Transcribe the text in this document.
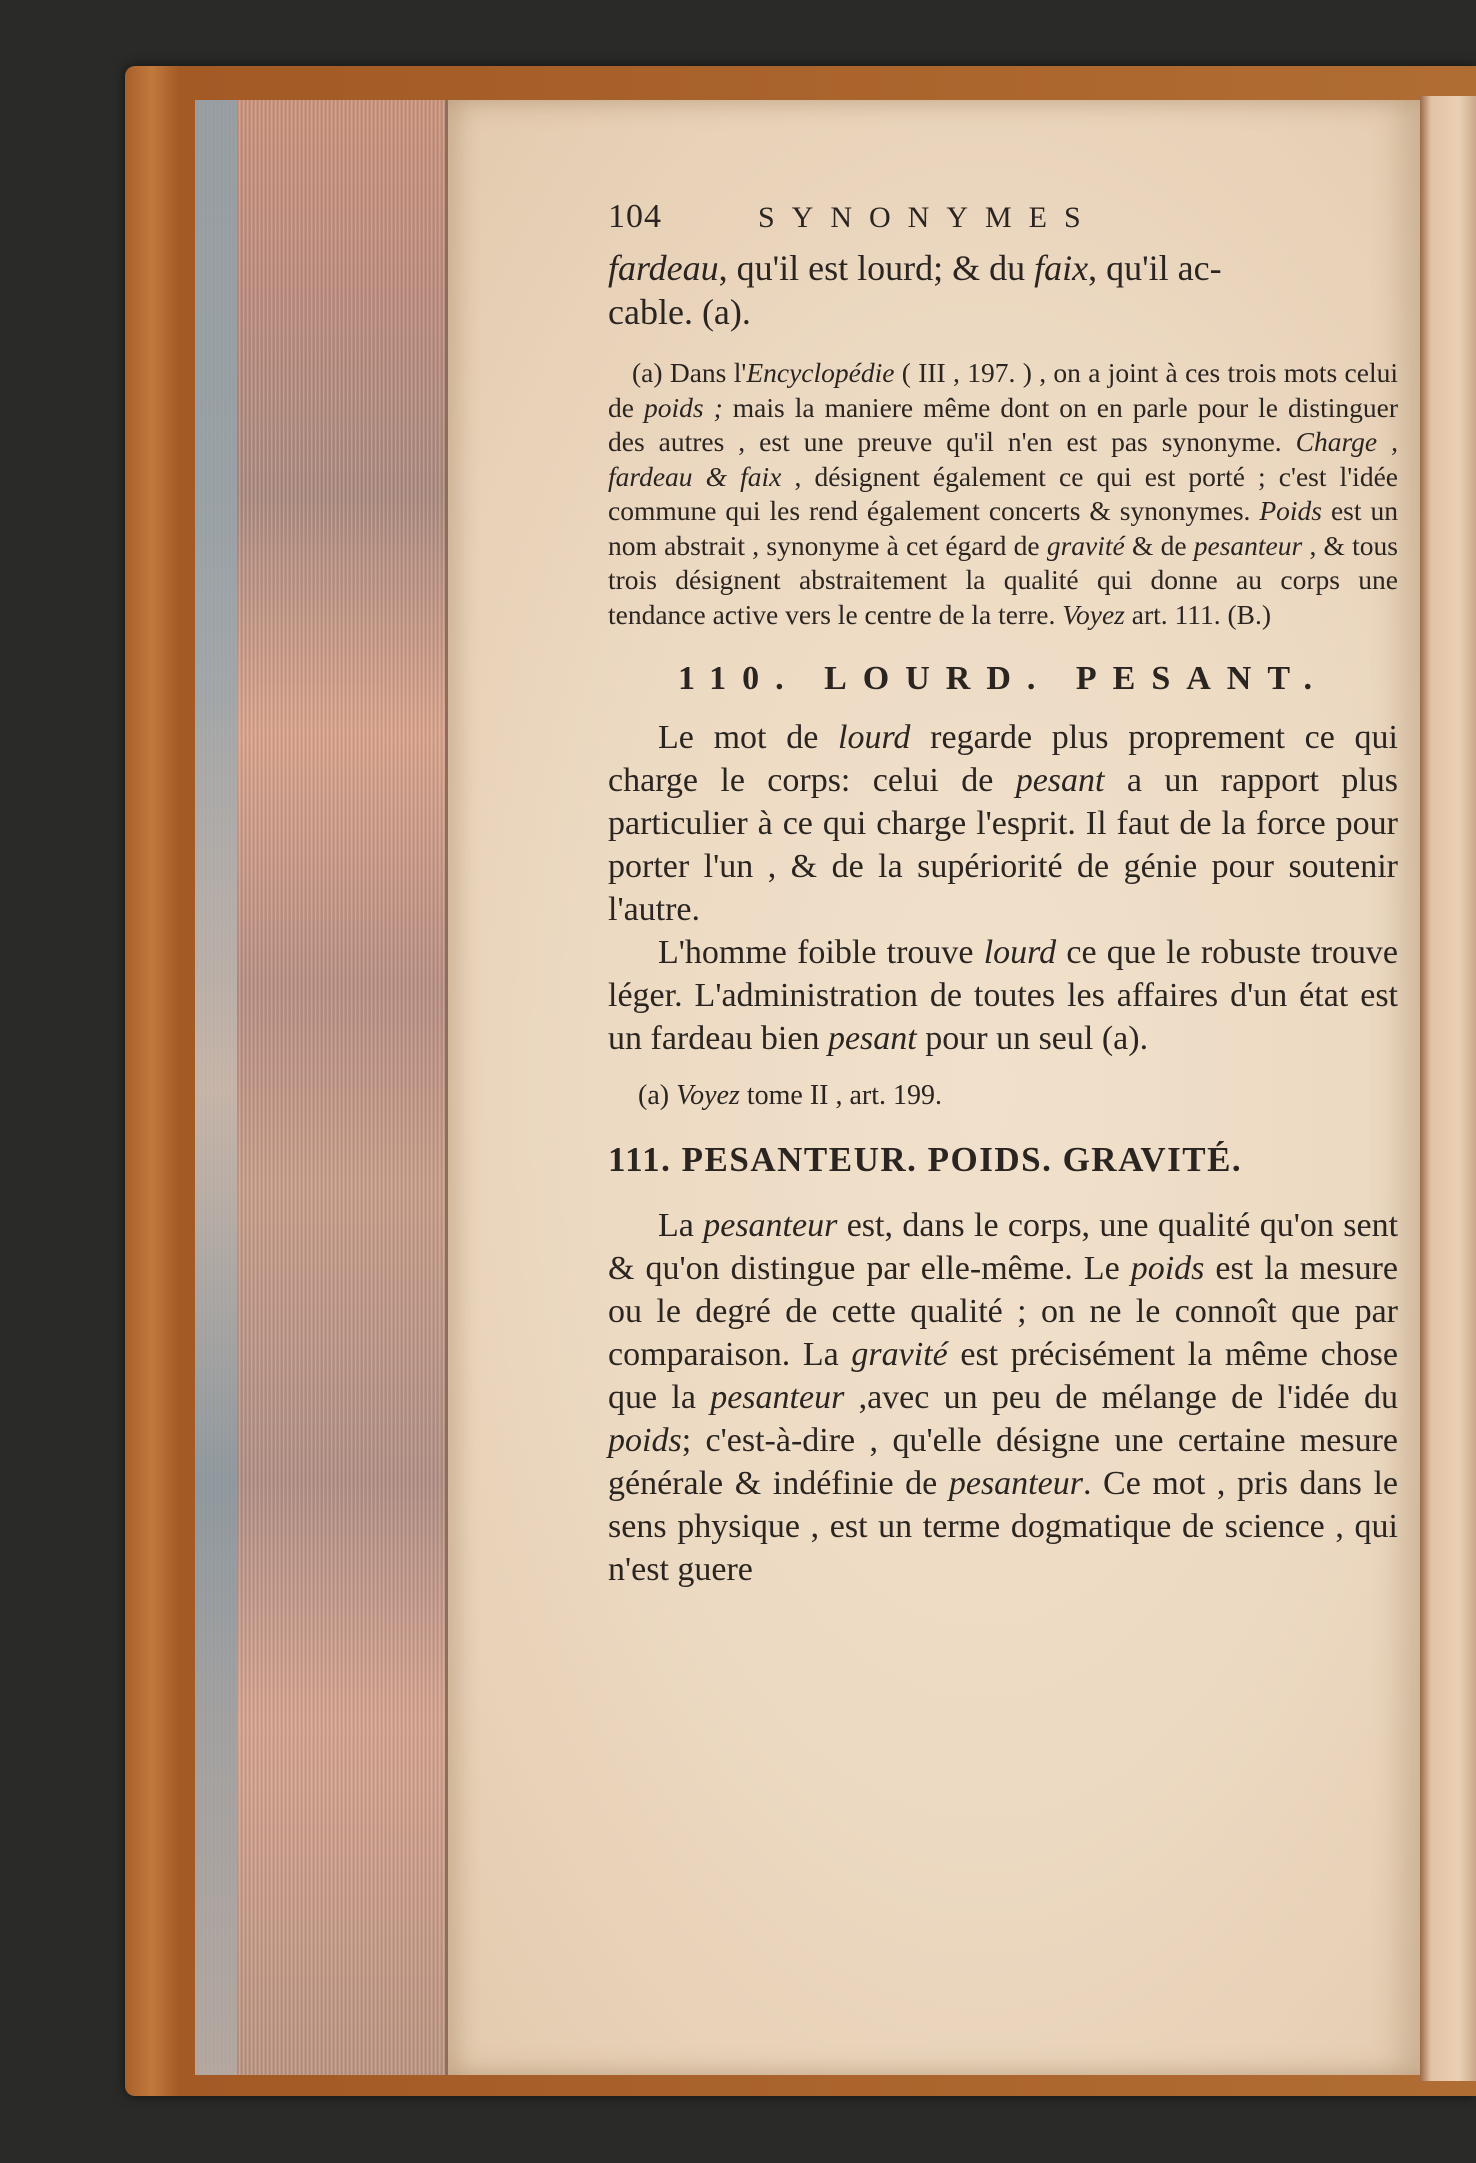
104	SYNONYMES

fardeau, qu'il est lourd; & du faix, qu'il ac-

cable. (a).

(a) Dans l'Encyclopédie ( III , 197. ) , on a joint à ces trois mots celui de poids ; mais la maniere même dont on en parle pour le distinguer des autres , est une preuve qu'il n'en est pas synonyme. Charge , fardeau & faix , désignent également ce qui est porté ; c'est l'idée commune qui les rend également concerts & synonymes. Poids est un nom abstrait , synonyme à cet égard de gravité & de pesanteur , & tous trois désignent abstraitement la qualité qui donne au corps une tendance active vers le centre de la terre. Voyez art. 111. (B.)

110. LOURD. PESANT.

Le mot de lourd regarde plus proprement ce qui charge le corps: celui de pesant a un rapport plus particulier à ce qui charge l'esprit. Il faut de la force pour porter l'un , & de la supériorité de génie pour soutenir l'autre.

L'homme foible trouve lourd ce que le robuste trouve léger. L'administration de toutes les affaires d'un état est un fardeau bien pesant pour un seul (a).

(a) Voyez tome II , art. 199.

111. PESANTEUR. POIDS. GRAVITÉ.

La pesanteur est, dans le corps, une qualité qu'on sent & qu'on distingue par elle-même. Le poids est la mesure ou le degré de cette qualité ; on ne le connoît que par comparaison. La gravité est précisément la même chose que la pesanteur ,avec un peu de mélange de l'idée du poids; c'est-à-dire , qu'elle désigne une certaine mesure générale & indéfinie de pesanteur. Ce mot , pris dans le sens physique , est un terme dogmatique de science , qui n'est guere
